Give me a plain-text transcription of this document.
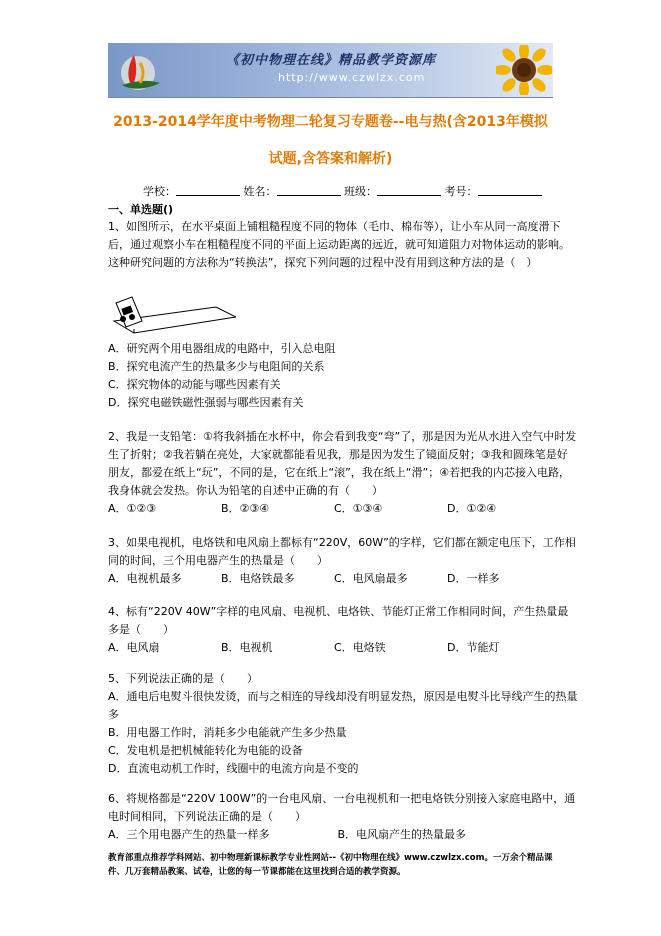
《初中物理在线》精品教学资源库
http://www.czwlzx.com
2013-2014学年度中考物理二轮复习专题卷--电与热(含2013年模拟试题,含答案和解析)
学校：	姓名：	班级：	考号：
一、单选题()
1、如图所示，在水平桌面上铺粗糙程度不同的物体（毛巾、棉布等），让小车从同一高度滑下后，通过观察小车在粗糙程度不同的平面上运动距离的远近，就可知道阻力对物体运动的影响。这种研究问题的方法称为“转换法”，探究下列问题的过程中没有用到这种方法的是（　）
A．研究两个用电器组成的电路中，引入总电阻
B．探究电流产生的热量多少与电阻间的关系
C．探究物体的动能与哪些因素有关
D．探究电磁铁磁性强弱与哪些因素有关
2、我是一支铅笔：①将我斜插在水杯中，你会看到我变“弯”了，那是因为光从水进入空气中时发生了折射；②我若躺在亮处，大家就都能看见我，那是因为发生了镜面反射；③我和圆珠笔是好朋友，都爱在纸上“玩”，不同的是，它在纸上“滚”，我在纸上“滑”；④若把我的内芯接入电路，我身体就会发热。你认为铅笔的自述中正确的有（　　）
A．①②③	B．②③④	C．①③④	D．①②④
3、如果电视机，电烙铁和电风扇上都标有“220V，60W”的字样，它们都在额定电压下，工作相同的时间，三个用电器产生的热量是（　　）
A．电视机最多	B．电烙铁最多	C．电风扇最多	D．一样多
4、标有“220V 40W”字样的电风扇、电视机、电烙铁、节能灯正常工作相同时间，产生热量最多是（　　）
A．电风扇	B．电视机	C．电烙铁	D．节能灯
5、下列说法正确的是（　　）
A．通电后电熨斗很快发烫，而与之相连的导线却没有明显发热，原因是电熨斗比导线产生的热量多
B．用电器工作时，消耗多少电能就产生多少热量
C．发电机是把机械能转化为电能的设备
D．直流电动机工作时，线圈中的电流方向是不变的
6、将规格都是“220V 100W”的一台电风扇、一台电视机和一把电烙铁分别接入家庭电路中，通电时间相同，下列说法正确的是（　　）
A．三个用电器产生的热量一样多	B．电风扇产生的热量最多
教育部重点推荐学科网站、初中物理新课标教学专业性网站--《初中物理在线》www.czwlzx.com。一万余个精品课件、几万套精品教案、试卷，让您的每一节课都能在这里找到合适的教学资源。
